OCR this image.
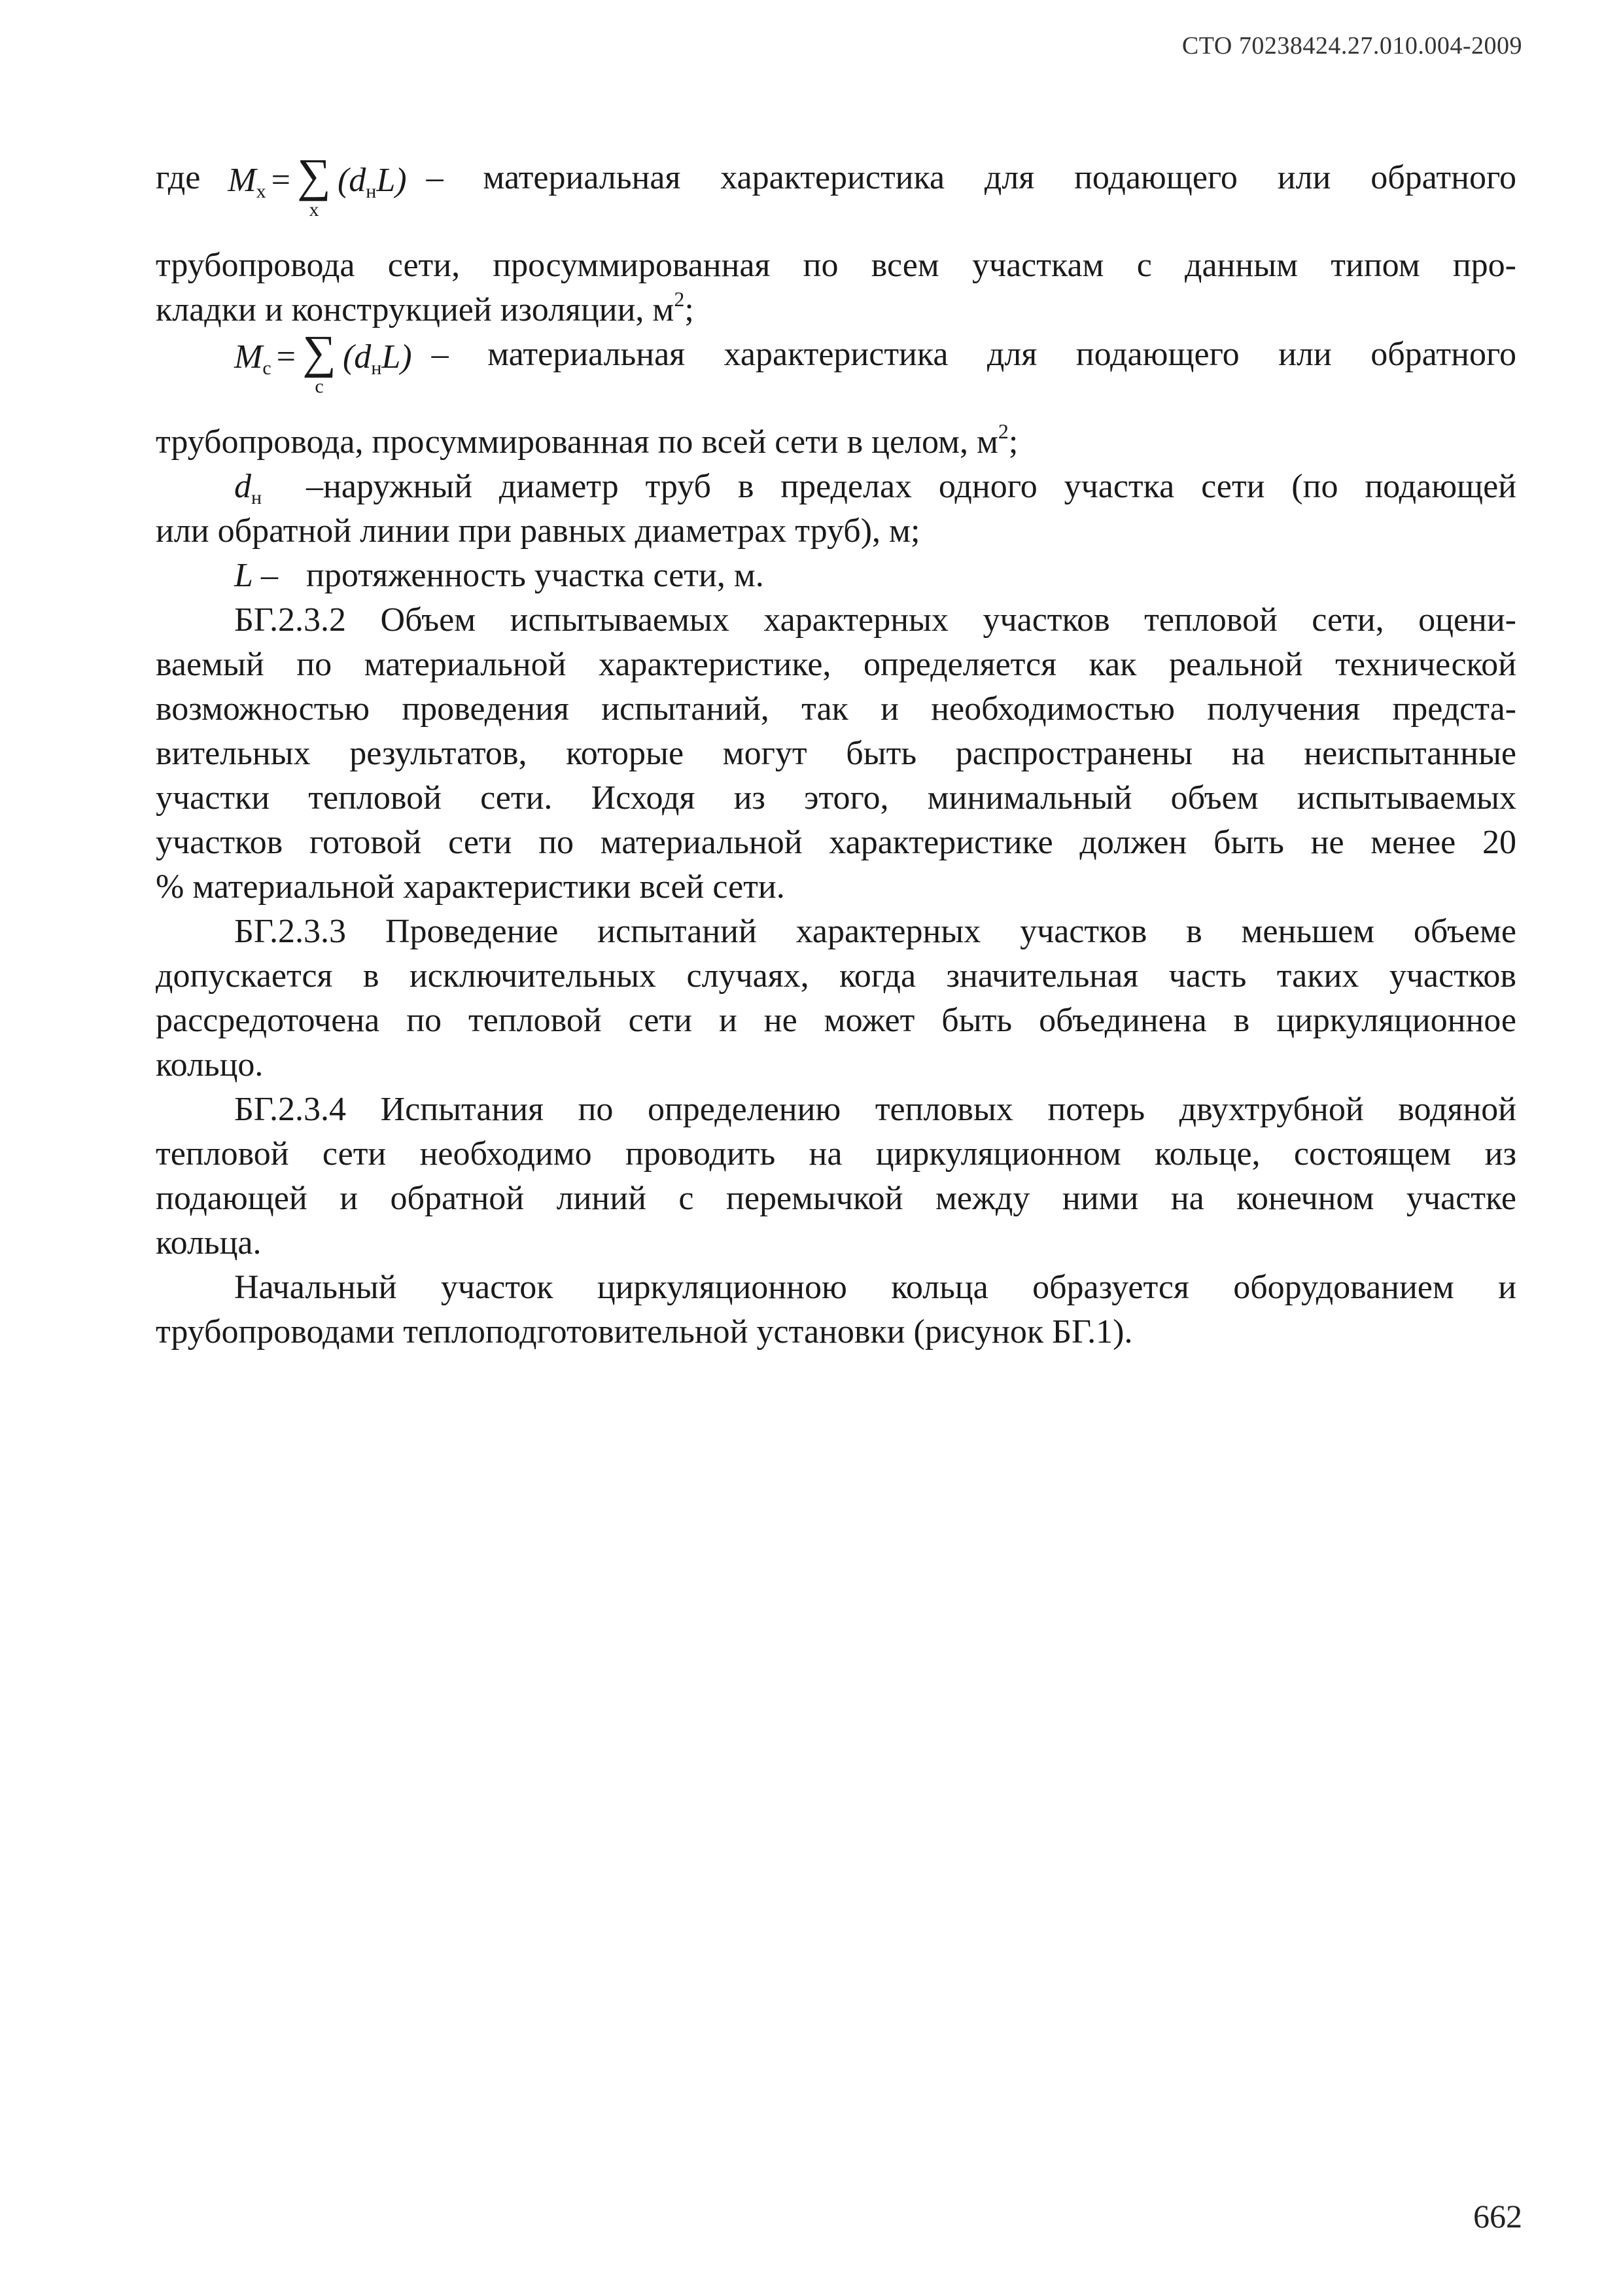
СТО 70238424.27.010.004-2009
где $M_х$ = ∑
х
$(d_нL)$ – материальная характеристика для подающего или обратного
трубопровода сети, просуммированная по всем участкам с данным типом про-
кладки и конструкцией изоляции, $м^2$;
$M_с$ = ∑
с
$(d_нL)$ – материальная характеристика для подающего или обратного
трубопровода, просуммированная по всей сети в целом, $м^2$;
$d_н$ –наружный диаметр труб в пределах одного участка сети (по подающей
или обратной линии при равных диаметрах труб), м;
L – протяженность участка сети, м.
БГ.2.3.2 Объем испытываемых характерных участков тепловой сети, оцени-
ваемый по материальной характеристике, определяется как реальной технической
возможностью проведения испытаний, так и необходимостью получения предста-
вительных результатов, которые могут быть распространены на неиспытанные
участки тепловой сети. Исходя из этого, минимальный объем испытываемых
участков готовой сети по материальной характеристике должен быть не менее 20
% материальной характеристики всей сети.
БГ.2.3.3 Проведение испытаний характерных участков в меньшем объеме
допускается в исключительных случаях, когда значительная часть таких участков
рассредоточена по тепловой сети и не может быть объединена в циркуляционное
кольцо.
БГ.2.3.4 Испытания по определению тепловых потерь двухтрубной водяной
тепловой сети необходимо проводить на циркуляционном кольце, состоящем из
подающей и обратной линий с перемычкой между ними на конечном участке
кольца.
Начальный участок циркуляционною кольца образуется оборудованием и
трубопроводами теплоподготовительной установки (рисунок БГ.1).
662
